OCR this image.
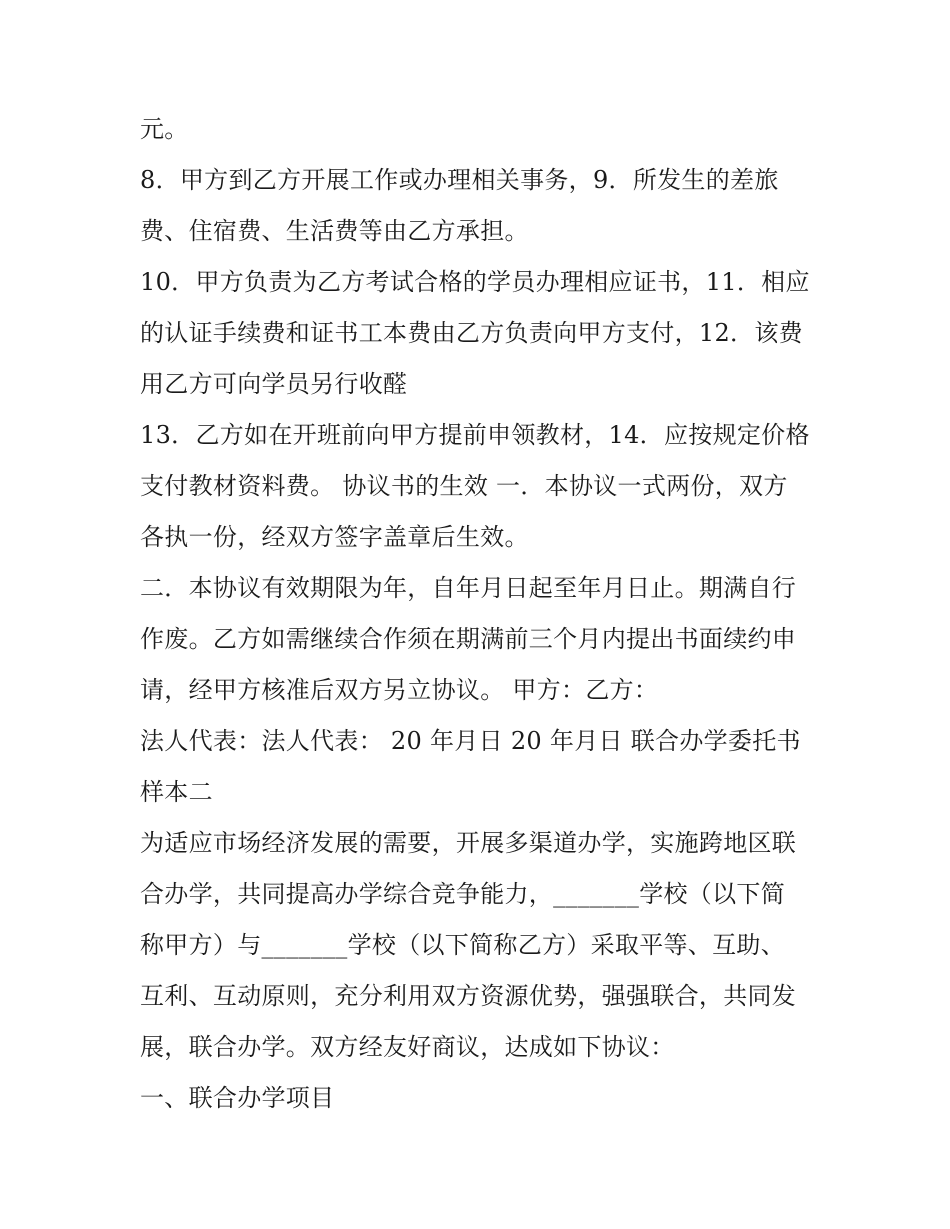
元。
8．甲方到乙方开展工作或办理相关事务，9．所发生的差旅
费、住宿费、生活费等由乙方承担。
10．甲方负责为乙方考试合格的学员办理相应证书，11．相应
的认证手续费和证书工本费由乙方负责向甲方支付，12．该费
用乙方可向学员另行收醛
13．乙方如在开班前向甲方提前申领教材，14．应按规定价格
支付教材资料费。 协议书的生效 一．本协议一式两份，双方
各执一份，经双方签字盖章后生效。
二．本协议有效期限为年，自年月日起至年月日止。期满自行
作废。乙方如需继续合作须在期满前三个月内提出书面续约申
请，经甲方核准后双方另立协议。 甲方：乙方：
法人代表：法人代表： 20 年月日 20 年月日 联合办学委托书
样本二
为适应市场经济发展的需要，开展多渠道办学，实施跨地区联
合办学，共同提高办学综合竞争能力，_______学校（以下简
称甲方）与_______学校（以下简称乙方）采取平等、互助、
互利、互动原则，充分利用双方资源优势，强强联合，共同发
展，联合办学。双方经友好商议，达成如下协议：
一、联合办学项目
